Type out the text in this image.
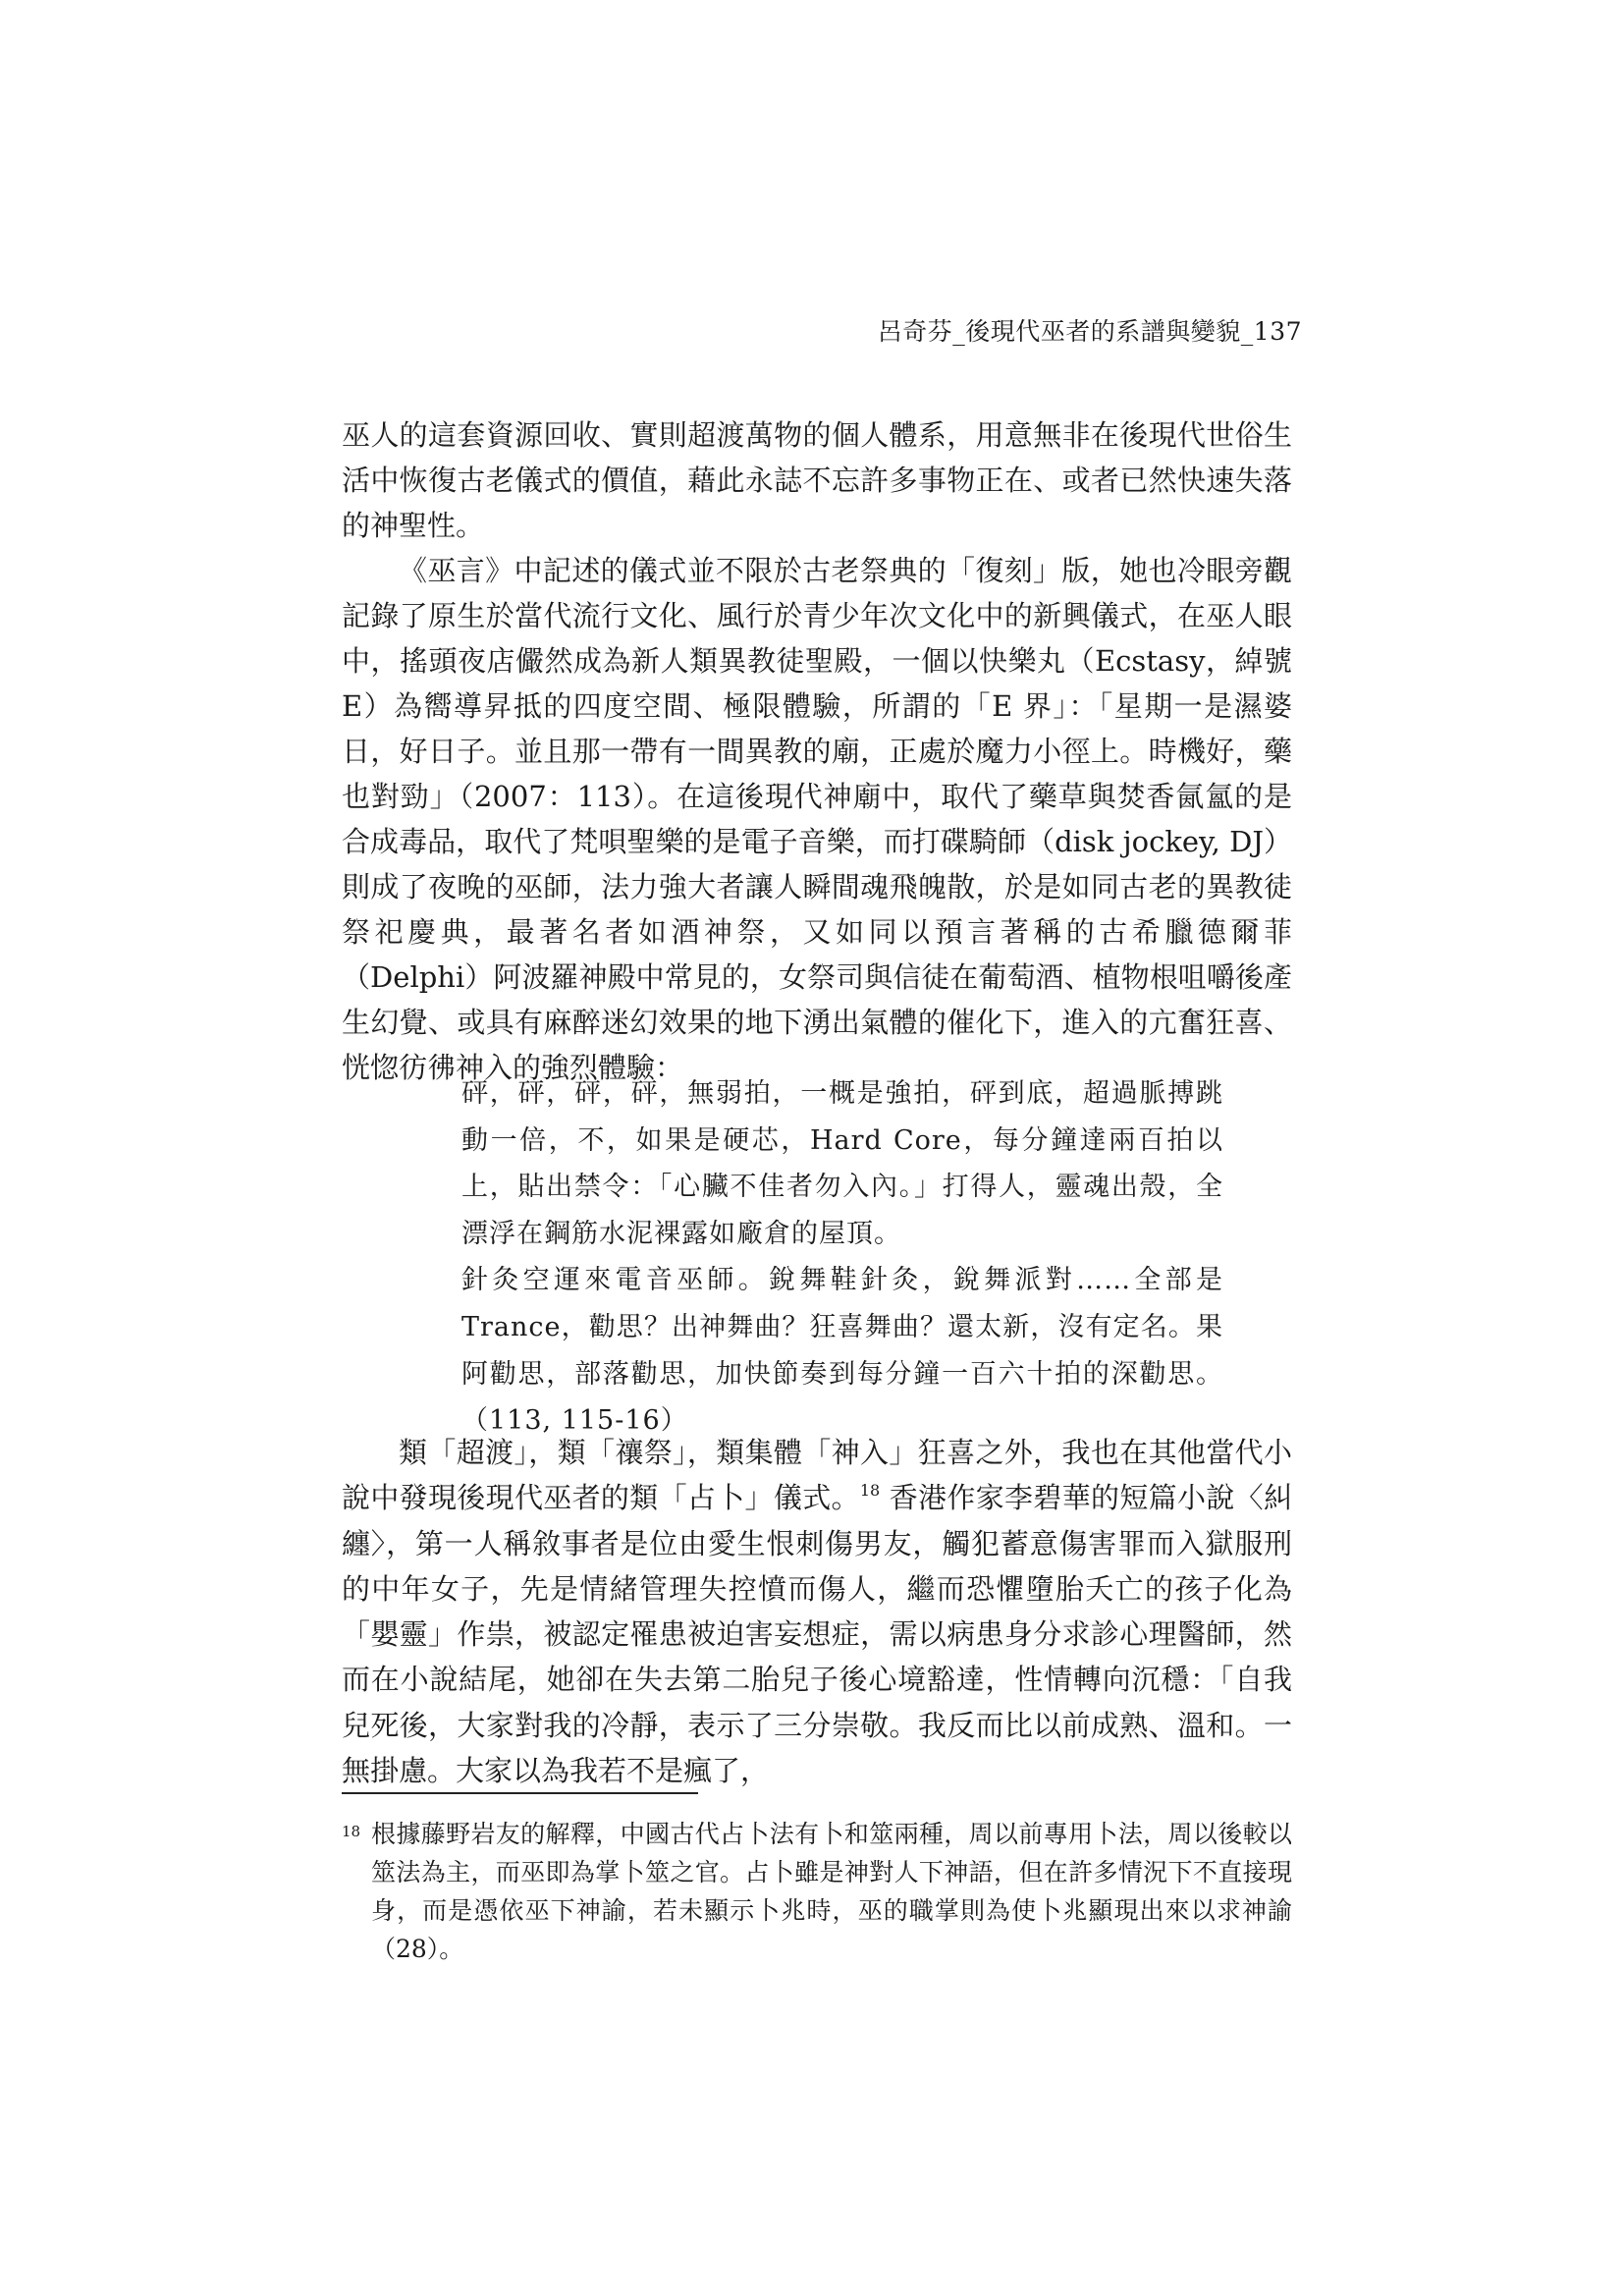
呂奇芬_後現代巫者的系譜與變貌_137

巫人的這套資源回收、實則超渡萬物的個人體系，用意無非在後現代世俗生活中恢復古老儀式的價值，藉此永誌不忘許多事物正在、或者已然快速失落的神聖性。

《巫言》中記述的儀式並不限於古老祭典的「復刻」版，她也冷眼旁觀記錄了原生於當代流行文化、風行於青少年次文化中的新興儀式，在巫人眼中，搖頭夜店儼然成為新人類異教徒聖殿，一個以快樂丸（Ecstasy，綽號 E）為嚮導昇抵的四度空間、極限體驗，所謂的「E 界」：「星期一是濕婆日，好日子。並且那一帶有一間異教的廟，正處於魔力小徑上。時機好，藥也對勁」（2007：113）。在這後現代神廟中，取代了藥草與焚香氤氳的是合成毒品，取代了梵唄聖樂的是電子音樂，而打碟騎師（disk jockey, DJ）則成了夜晚的巫師，法力強大者讓人瞬間魂飛魄散，於是如同古老的異教徒祭祀慶典，最著名者如酒神祭，又如同以預言著稱的古希臘德爾菲（Delphi）阿波羅神殿中常見的，女祭司與信徒在葡萄酒、植物根咀嚼後產生幻覺、或具有麻醉迷幻效果的地下湧出氣體的催化下，進入的亢奮狂喜、恍惚彷彿神入的強烈體驗：

砰，砰，砰，砰，無弱拍，一概是強拍，砰到底，超過脈搏跳動一倍，不，如果是硬芯，Hard Core，每分鐘達兩百拍以上，貼出禁令：「心臟不佳者勿入內。」打得人，靈魂出殼，全漂浮在鋼筋水泥裸露如廠倉的屋頂。

針灸空運來電音巫師。銳舞鞋針灸，銳舞派對……全部是 Trance，勸思？出神舞曲？狂喜舞曲？還太新，沒有定名。果阿勸思，部落勸思，加快節奏到每分鐘一百六十拍的深勸思。（113, 115-16）

類「超渡」，類「禳祭」，類集體「神入」狂喜之外，我也在其他當代小說中發現後現代巫者的類「占卜」儀式。$^{18}$ 香港作家李碧華的短篇小說〈糾纏〉，第一人稱敘事者是位由愛生恨刺傷男友，觸犯蓄意傷害罪而入獄服刑的中年女子，先是情緒管理失控憤而傷人，繼而恐懼墮胎夭亡的孩子化為「嬰靈」作祟，被認定罹患被迫害妄想症，需以病患身分求診心理醫師，然而在小說結尾，她卻在失去第二胎兒子後心境豁達，性情轉向沉穩：「自我兒死後，大家對我的冷靜，表示了三分崇敬。我反而比以前成熟、溫和。一無掛慮。大家以為我若不是瘋了，

18 根據藤野岩友的解釋，中國古代占卜法有卜和筮兩種，周以前專用卜法，周以後較以筮法為主，而巫即為掌卜筮之官。占卜雖是神對人下神語，但在許多情況下不直接現身，而是憑依巫下神諭，若未顯示卜兆時，巫的職掌則為使卜兆顯現出來以求神諭（28）。
